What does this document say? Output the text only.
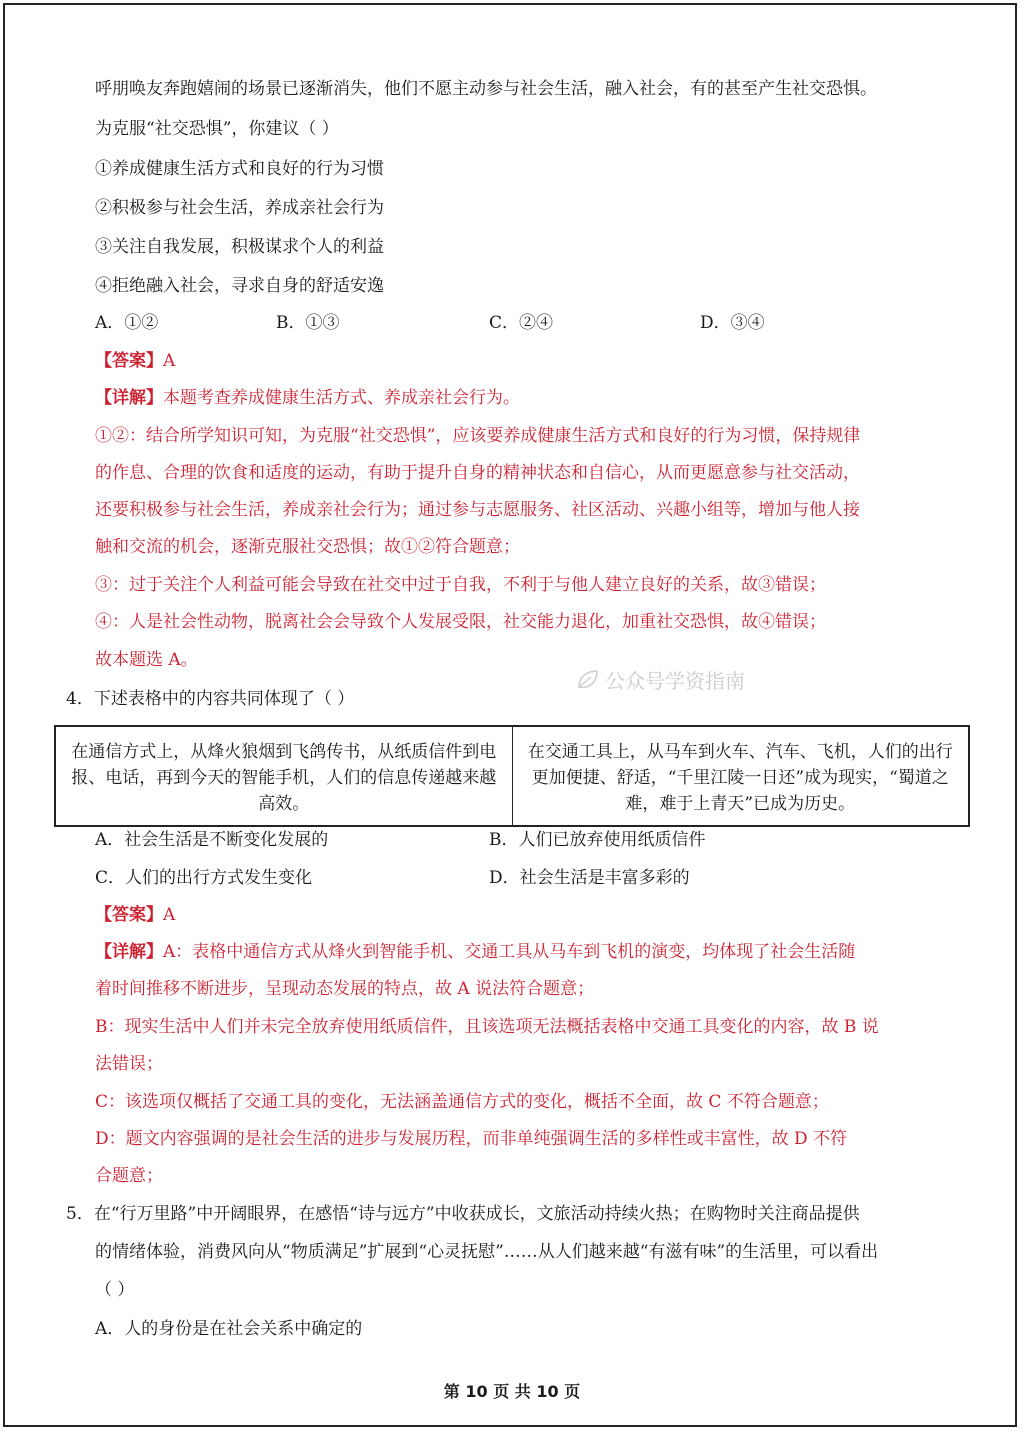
呼朋唤友奔跑嬉闹的场景已逐渐消失，他们不愿主动参与社会生活，融入社会，有的甚至产生社交恐惧。
为克服“社交恐惧”，你建议（ ）
①养成健康生活方式和良好的行为习惯
②积极参与社会生活，养成亲社会行为
③关注自我发展，积极谋求个人的利益
④拒绝融入社会，寻求自身的舒适安逸
A．①②	B．①③	C．②④	D．③④
【答案】A
【详解】本题考查养成健康生活方式、养成亲社会行为。
①②：结合所学知识可知，为克服“社交恐惧”，应该要养成健康生活方式和良好的行为习惯，保持规律
的作息、合理的饮食和适度的运动，有助于提升自身的精神状态和自信心，从而更愿意参与社交活动，
还要积极参与社会生活，养成亲社会行为；通过参与志愿服务、社区活动、兴趣小组等，增加与他人接
触和交流的机会，逐渐克服社交恐惧；故①②符合题意；
③：过于关注个人利益可能会导致在社交中过于自我，不利于与他人建立良好的关系，故③错误；
④：人是社会性动物，脱离社会会导致个人发展受限，社交能力退化，加重社交恐惧，故④错误；
故本题选 A。
公众号学资指南
4．下述表格中的内容共同体现了（ ）
在通信方式上，从烽火狼烟到飞鸽传书，从纸质信件到电报、电话，再到今天的智能手机，人们的信息传递越来越高效。
在交通工具上，从马车到火车、汽车、飞机，人们的出行更加便捷、舒适，“千里江陵一日还”成为现实，“蜀道之难，难于上青天”已成为历史。
A．社会生活是不断变化发展的	B．人们已放弃使用纸质信件
C．人们的出行方式发生变化	D．社会生活是丰富多彩的
【答案】A
【详解】A：表格中通信方式从烽火到智能手机、交通工具从马车到飞机的演变，均体现了社会生活随
着时间推移不断进步，呈现动态发展的特点，故 A 说法符合题意；
B：现实生活中人们并未完全放弃使用纸质信件，且该选项无法概括表格中交通工具变化的内容，故 B 说
法错误；
C：该选项仅概括了交通工具的变化，无法涵盖通信方式的变化，概括不全面，故 C 不符合题意；
D：题文内容强调的是社会生活的进步与发展历程，而非单纯强调生活的多样性或丰富性，故 D 不符
合题意；
5．在“行万里路”中开阔眼界，在感悟“诗与远方”中收获成长，文旅活动持续火热；在购物时关注商品提供
的情绪体验，消费风向从“物质满足”扩展到“心灵抚慰”……从人们越来越“有滋有味”的生活里，可以看出
（ ）
A．人的身份是在社会关系中确定的
第 10 页 共 10 页
